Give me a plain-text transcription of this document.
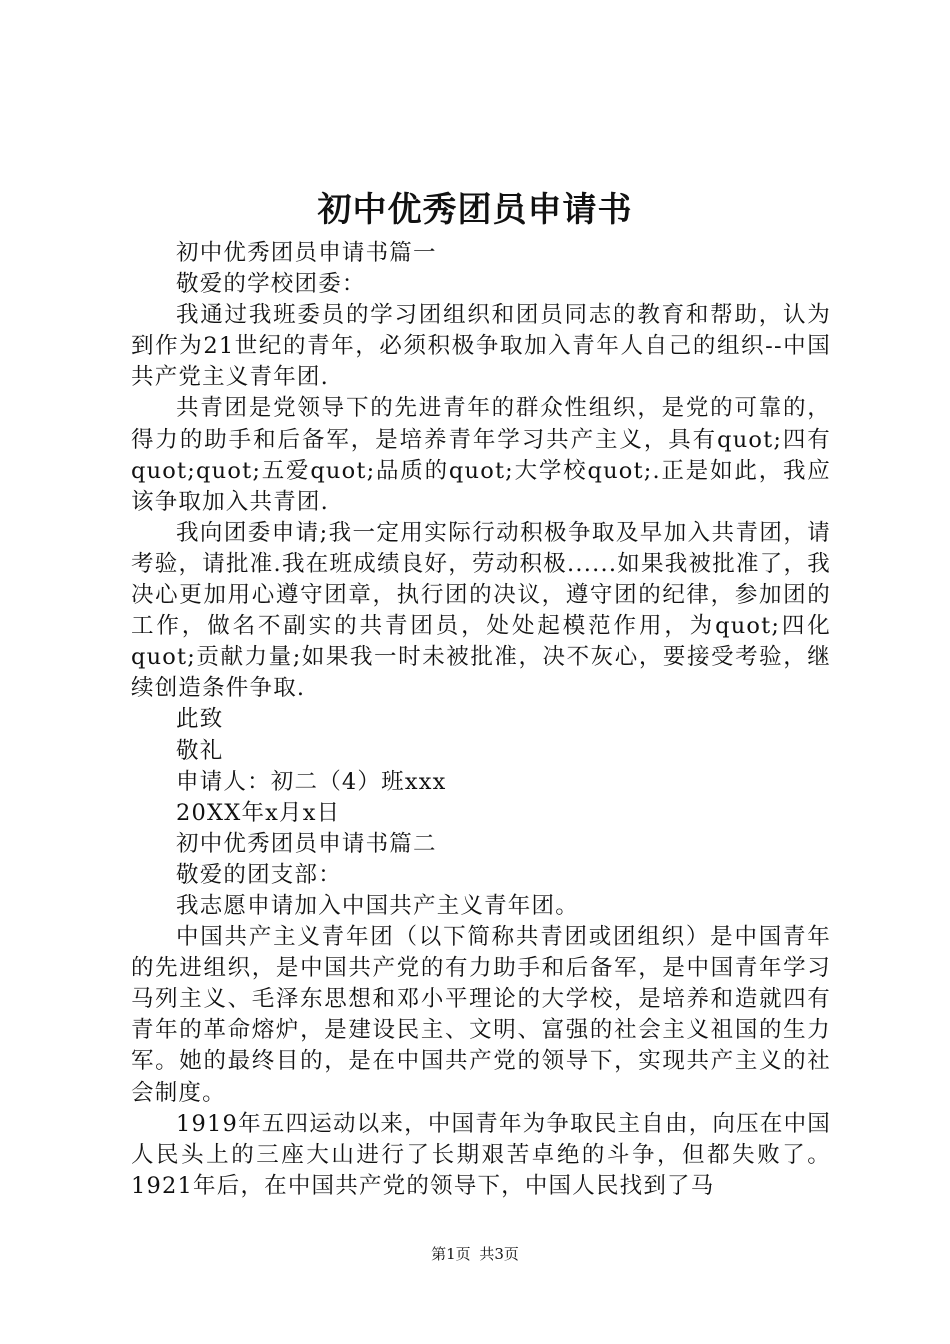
初中优秀团员申请书

初中优秀团员申请书篇一

敬爱的学校团委：

我通过我班委员的学习团组织和团员同志的教育和帮助，认为到作为21世纪的青年，必须积极争取加入青年人自己的组织--中国共产党主义青年团.

共青团是党领导下的先进青年的群众性组织，是党的可靠的，得力的助手和后备军，是培养青年学习共产主义，具有quot;四有quot;quot;五爱quot;品质的quot;大学校quot;.正是如此，我应该争取加入共青团.

我向团委申请;我一定用实际行动积极争取及早加入共青团，请考验，请批准.我在班成绩良好，劳动积极......如果我被批准了，我决心更加用心遵守团章，执行团的决议，遵守团的纪律，参加团的工作，做名不副实的共青团员，处处起模范作用，为quot;四化quot;贡献力量;如果我一时未被批准，决不灰心，要接受考验，继续创造条件争取.

此致

敬礼

申请人：初二（4）班xxx

20XX年x月x日

初中优秀团员申请书篇二

敬爱的团支部：

我志愿申请加入中国共产主义青年团。

中国共产主义青年团（以下简称共青团或团组织）是中国青年的先进组织，是中国共产党的有力助手和后备军，是中国青年学习马列主义、毛泽东思想和邓小平理论的大学校，是培养和造就四有青年的革命熔炉，是建设民主、文明、富强的社会主义祖国的生力军。她的最终目的，是在中国共产党的领导下，实现共产主义的社会制度。

1919年五四运动以来，中国青年为争取民主自由，向压在中国人民头上的三座大山进行了长期艰苦卓绝的斗争，但都失败了。1921年后，在中国共产党的领导下，中国人民找到了马

第1页 共3页
